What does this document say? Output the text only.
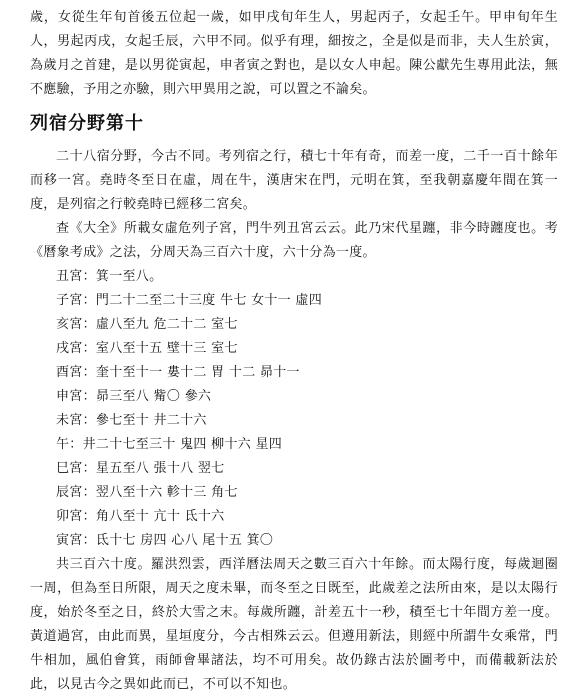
歲，女從生年旬首後五位起一歲，如甲戌旬年生人，男起丙子，女起壬午。甲申旬年生人，男起丙戌，女起壬辰，六甲不同。似乎有理，細按之，全是似是而非，夫人生於寅，為歲月之首建，是以男從寅起，申者寅之對也，是以女人申起。陳公獻先生專用此法，無不應驗，予用之亦驗，則六甲異用之說，可以置之不論矣。

列宿分野第十

二十八宿分野，今古不同。考列宿之行，積七十年有奇，而差一度，二千一百十餘年而移一宮。堯時冬至日在虛，周在牛，漢唐宋在門，元明在箕，至我朝嘉慶年間在箕一度，是列宿之行較堯時已經移二宮矣。

查《大全》所載女虛危列子宮，門牛列丑宮云云。此乃宋代星躔，非今時躔度也。考《曆象考成》之法，分周天為三百六十度，六十分為一度。

丑宮：箕一至八。
子宮：門二十二至二十三度 牛七 女十一 虛四
亥宮：虛八至九 危二十二 室七
戌宮：室八至十五 壁十三 室七
酉宮：奎十至十一 婁十二 胃 十二 昴十一
申宮：昴三至八 觜〇 參六
未宮：參七至十 井二十六
午：井二十七至三十 鬼四 柳十六 星四
巳宮：星五至八 張十八 翌七
辰宮：翌八至十六 軫十三 角七
卯宮：角八至十 亢十 氐十六
寅宮：氐十七 房四 心八 尾十五 箕〇

共三百六十度。羅洪烈雲，西洋曆法周天之數三百六十年餘。而太陽行度，每歲迴圈一周，但為至日所限，周天之度未畢，而冬至之日既至，此歲差之法所由來，是以太陽行度，始於冬至之日，終於大雪之末。每歲所躔，計差五十一秒，積至七十年間方差一度。黃道過宮，由此而異，星垣度分，今古相殊云云。但遵用新法，則經中所謂牛女乘常，門牛相加，風伯會箕，雨師會畢諸法，均不可用矣。故仍錄古法於圖考中，而備載新法於此，以見古今之異如此而已，不可以不知也。
